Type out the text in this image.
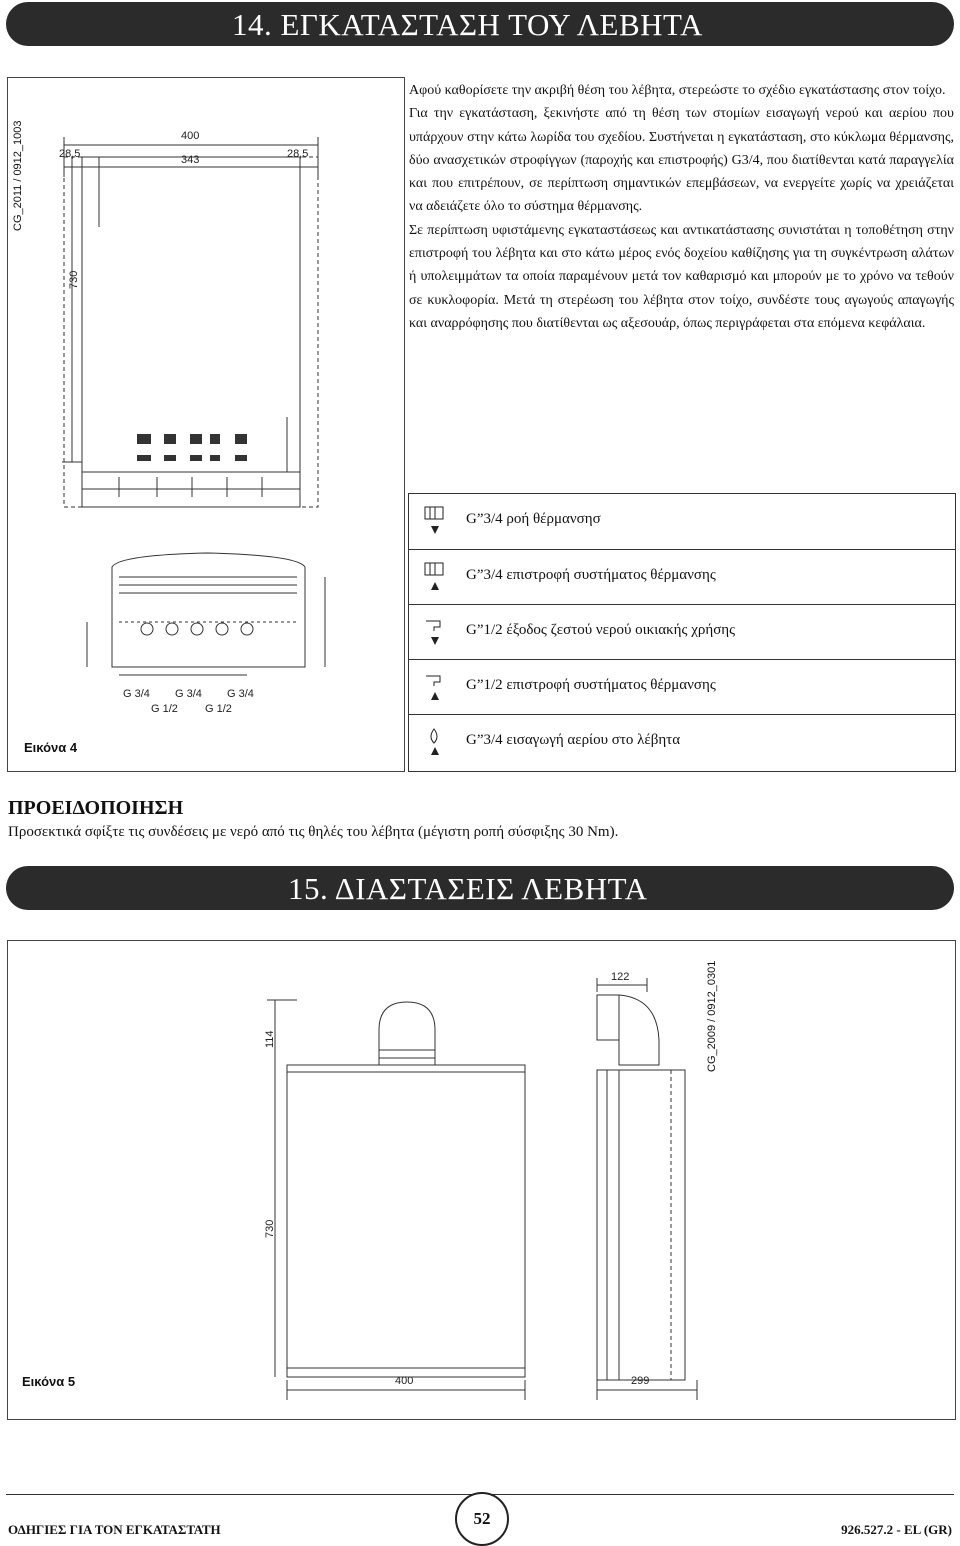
14. ΕΓΚΑΤΑΣΤΑΣΗ ΤΟΥ ΛΕΒΗΤΑ
CG_2011 / 0912_1003
730
28,5	28,5
400
343
G 3/4 G 3/4 G 3/4
G 1/2 G 1/2

Αφού καθορίσετε την ακριβή θέση του λέβητα, στερεώστε το σχέδιο εγκατάστασης στον τοίχο.

Για την εγκατάσταση, ξεκινήστε από τη θέση των στομίων εισαγωγή νερού και αερίου που υπάρχουν στην κάτω λωρίδα του σχεδίου. Συστήνεται η εγκατάσταση, στο κύκλωμα θέρμανσης, δύο ανασχετικών στροφίγγων (παροχής και επιστροφής) G3/4, που διατίθενται κατά παραγγελία και που επιτρέπουν, σε περίπτωση σημαντικών επεμβάσεων, να ενεργείτε χωρίς να χρειάζεται να αδειάζετε όλο το σύστημα θέρμανσης.

Σε περίπτωση υφιστάμενης εγκαταστάσεως και αντικατάστασης συνιστάται η τοποθέτηση στην επιστροφή του λέβητα και στο κάτω μέρος ενός δοχείου καθίζησης για τη συγκέντρωση αλάτων ή υπολειμμάτων τα οποία παραμένουν μετά τον καθαρισμό και μπορούν με το χρόνο να τεθούν σε κυκλοφορία. Μετά τη στερέωση του λέβητα στον τοίχο, συνδέστε τους αγωγούς απαγωγής και αναρρόφησης που διατίθενται ως αξεσουάρ, όπως περιγράφεται στα επόμενα κεφάλαια.

G”3/4 ροή θέρμανσησ
G”3/4 επιστροφή συστήματος θέρμανσης
G”1/2 έξοδος ζεστού νερού οικιακής χρήσης
G”1/2 επιστροφή συστήματος θέρμανσης
G”3/4 εισαγωγή αερίου στο λέβητα
Εικόνα 4
ΠΡΟΕΙΔΟΠΟΙΗΣΗ
Προσεκτικά σφίξτε τις συνδέσεις με νερό από τις θηλές του λέβητα (μέγιστη ροπή σύσφιξης 30 Nm).
15. ΔΙΑΣΤΑΣΕΙΣ ΛΕΒΗΤΑ
CG_2009 / 0912_0301
114
730
400
122
299
Εικόνα 5
ΟΔΗΓΙΕΣ ΓΙΑ ΤΟΝ ΕΓΚΑΤΑΣΤΑΤΗ
52
926.527.2 - EL (GR)
